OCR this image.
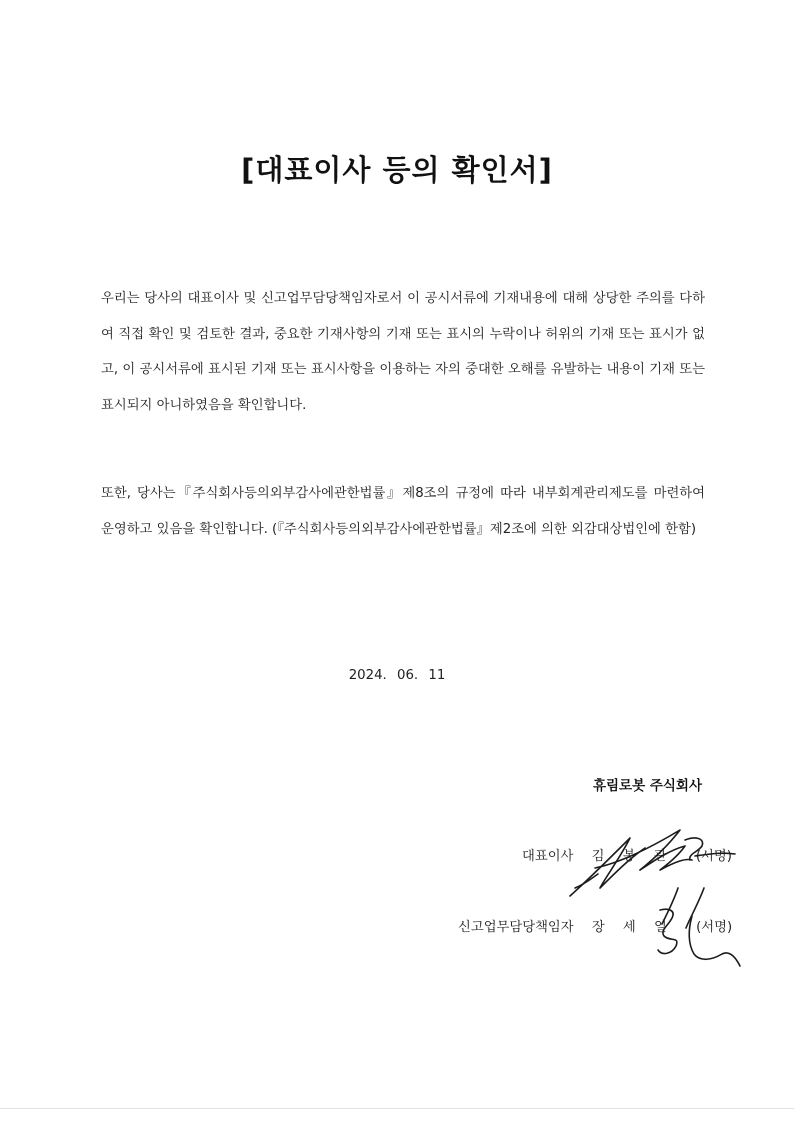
[대표이사 등의 확인서]
우리는 당사의 대표이사 및 신고업무담당책임자로서 이 공시서류에 기재내용에 대해 상당한 주의를 다하여 직접 확인 및 검토한 결과, 중요한 기재사항의 기재 또는 표시의 누락이나 허위의 기재 또는 표시가 없고, 이 공시서류에 표시된 기재 또는 표시사항을 이용하는 자의 중대한 오해를 유발하는 내용이 기재 또는 표시되지 아니하였음을 확인합니다.
또한, 당사는『주식회사등의외부감사에관한법률』제8조의 규정에 따라 내부회계관리제도를 마련하여 운영하고 있음을 확인합니다. (『주식회사등의외부감사에관한법률』제2조에 의한 외감대상법인에 한함)
2024. 06. 11
휴림로봇 주식회사
대표이사 김 봉 관 (서명)
신고업무담당책임자 장 세 일 (서명)
